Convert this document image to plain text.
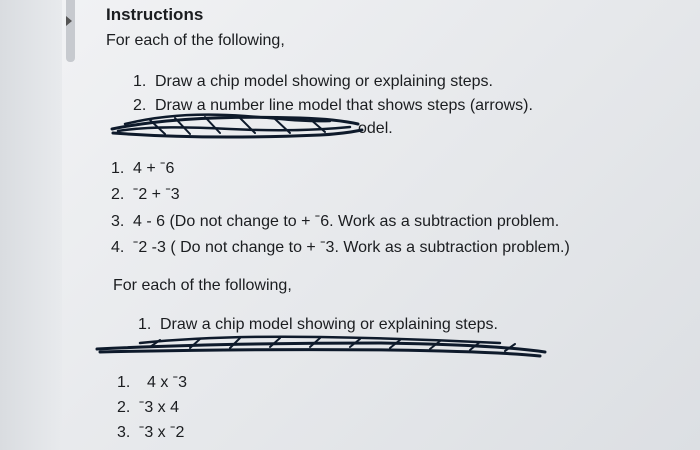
Instructions
For each of the following,
1. Draw a chip model showing or explaining steps.
2. Draw a number line model that shows steps (arrows).
odel.
1. 4 + ˉ6
2. ˉ2 + ˉ3
3. 4 - 6 (Do not change to + ˉ6. Work as a subtraction problem.
4. ˉ2 -3 ( Do not change to + ˉ3. Work as a subtraction problem.)
For each of the following,
1. Draw a chip model showing or explaining steps.
1. 4 x ˉ3
2. ˉ3 x 4
3. ˉ3 x ˉ2
